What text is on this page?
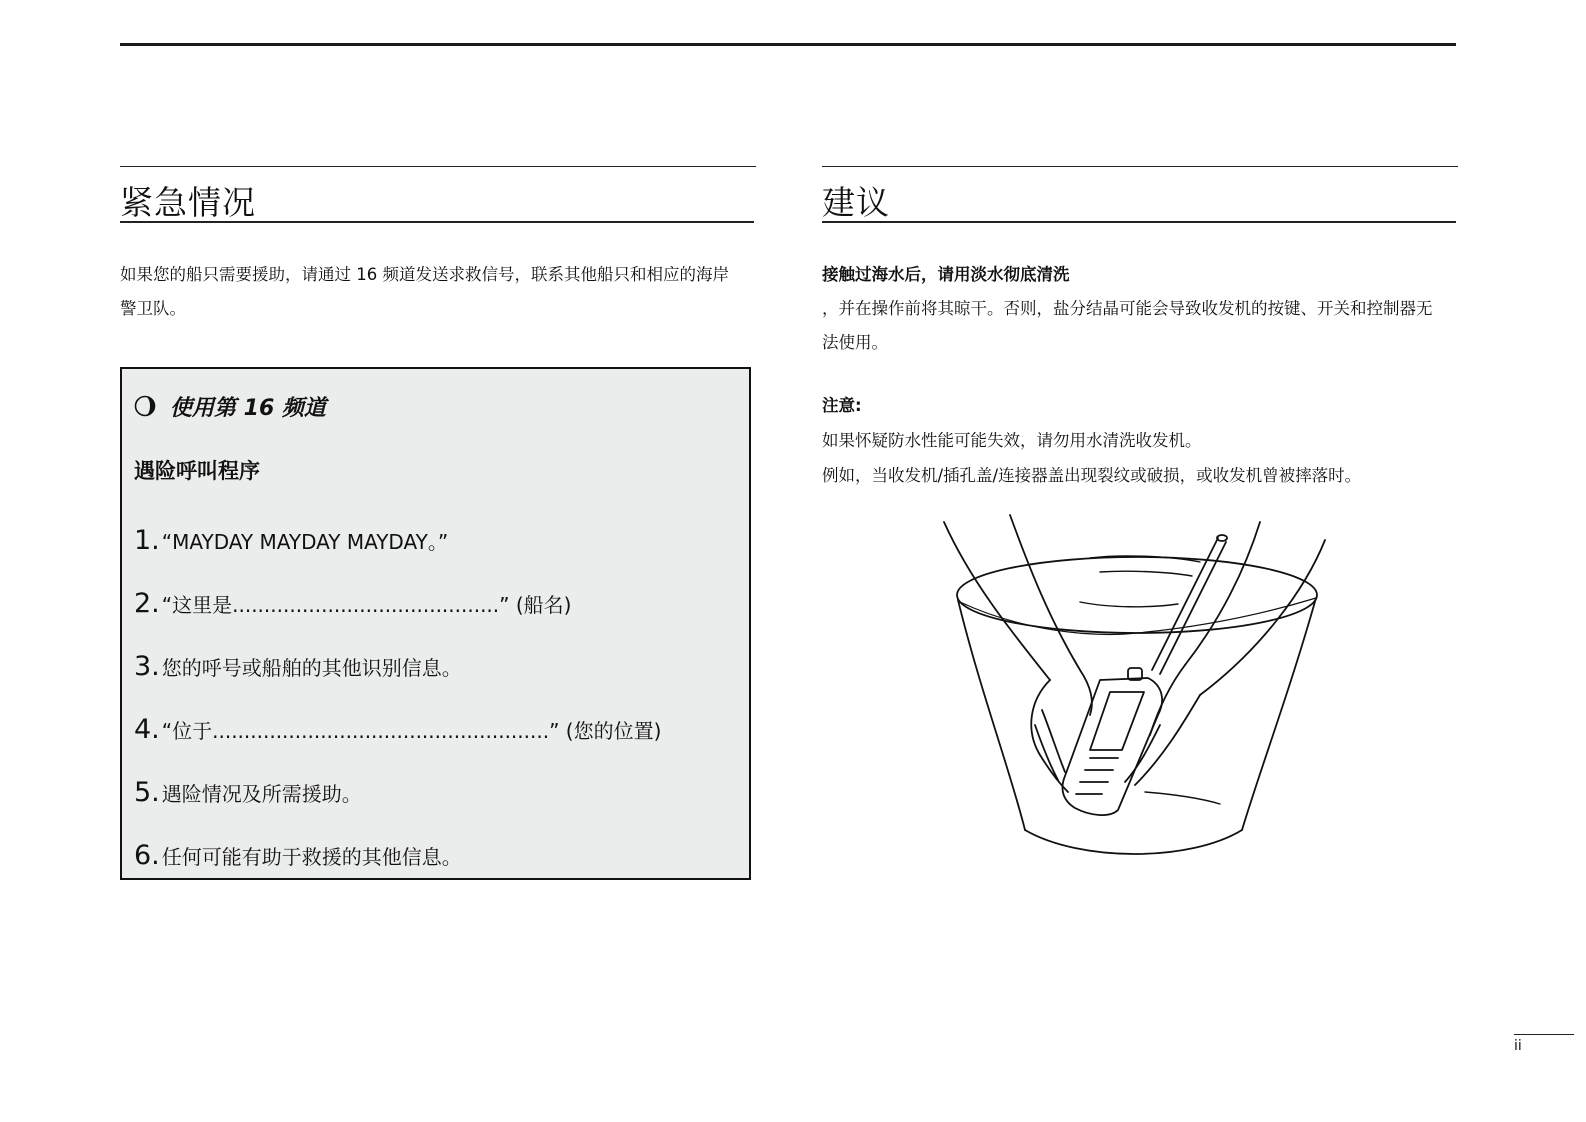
紧急情况

如果您的船只需要援助，请通过 16 频道发送求救信号，联系其他船只和相应的海岸

警卫队。

使用第 16 频道
遇险呼叫程序
1. “MAYDAY MAYDAY MAYDAY。”
2. “这里是..........................................” (船名)
3. 您的呼号或船舶的其他识别信息。
4. “位于.....................................................” (您的位置)
5. 遇险情况及所需援助。
6. 任何可能有助于救援的其他信息。
建议

接触过海水后，请用淡水彻底清洗

，并在操作前将其晾干。否则，盐分结晶可能会导致收发机的按键、开关和控制器无

法使用。

注意:

如果怀疑防水性能可能失效，请勿用水清洗收发机。

例如，当收发机/插孔盖/连接器盖出现裂纹或破损，或收发机曾被摔落时。

ii
